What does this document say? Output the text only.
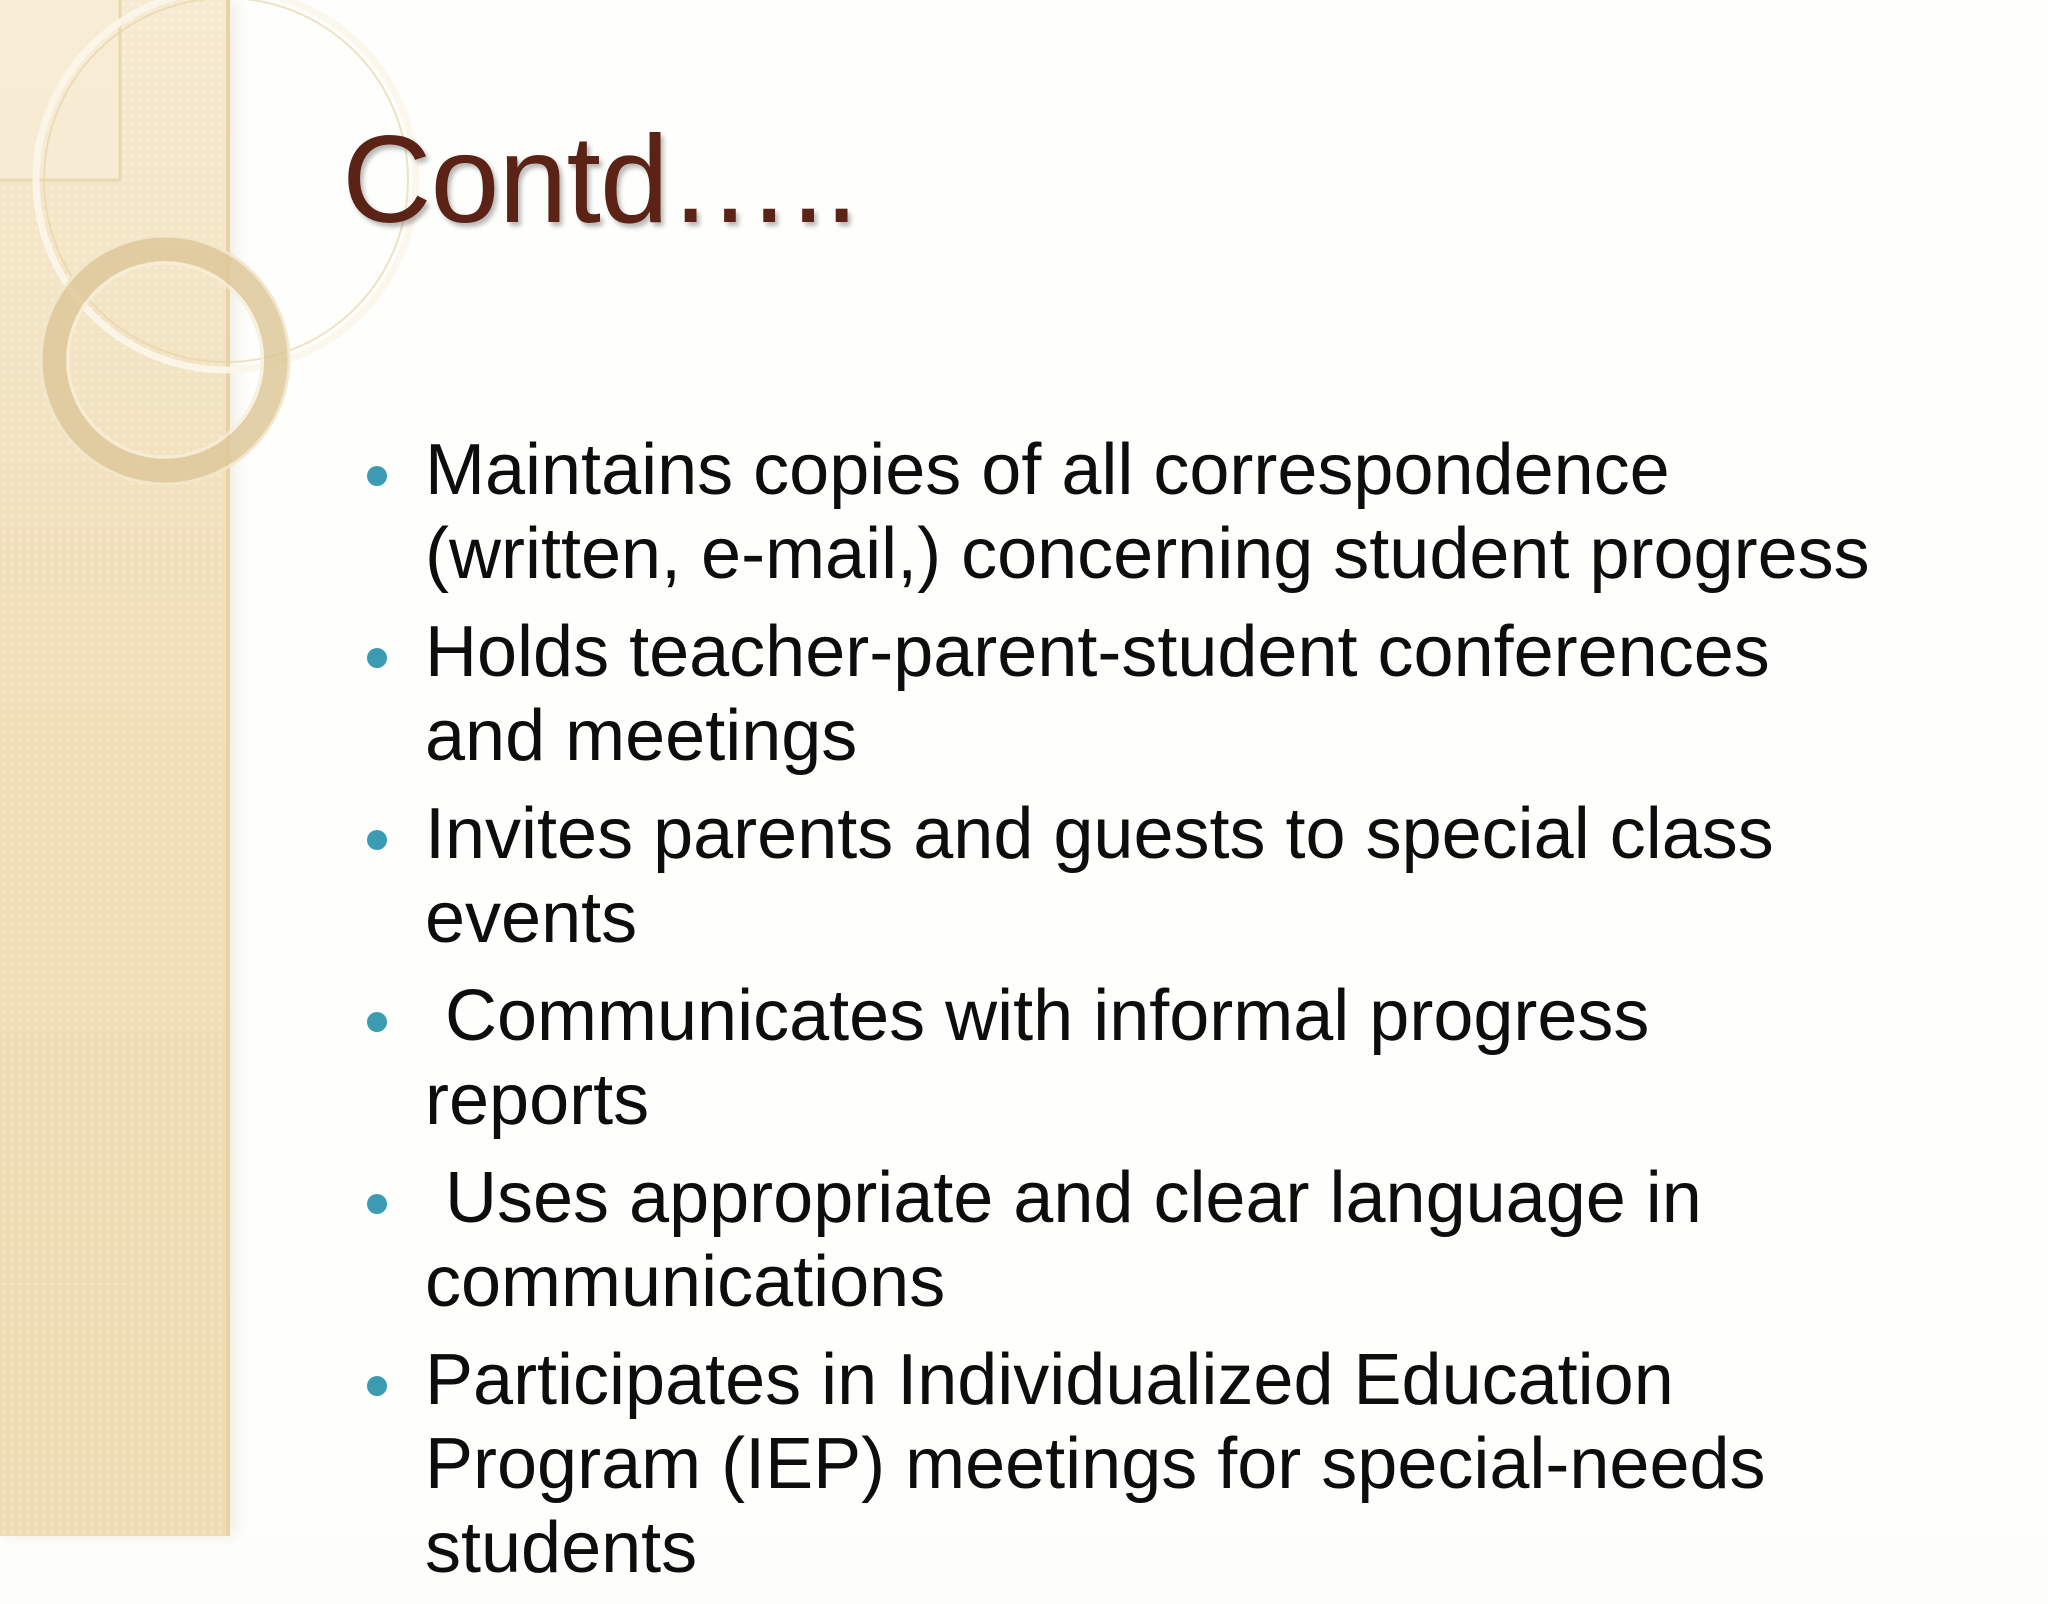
Contd…..
Maintains copies of all correspondence
(written, e-mail,) concerning student progress
Holds teacher-parent-student conferences
and meetings
Invites parents and guests to special class
events
Communicates with informal progress
reports
Uses appropriate and clear language in
communications
Participates in Individualized Education
Program (IEP) meetings for special-needs
students
